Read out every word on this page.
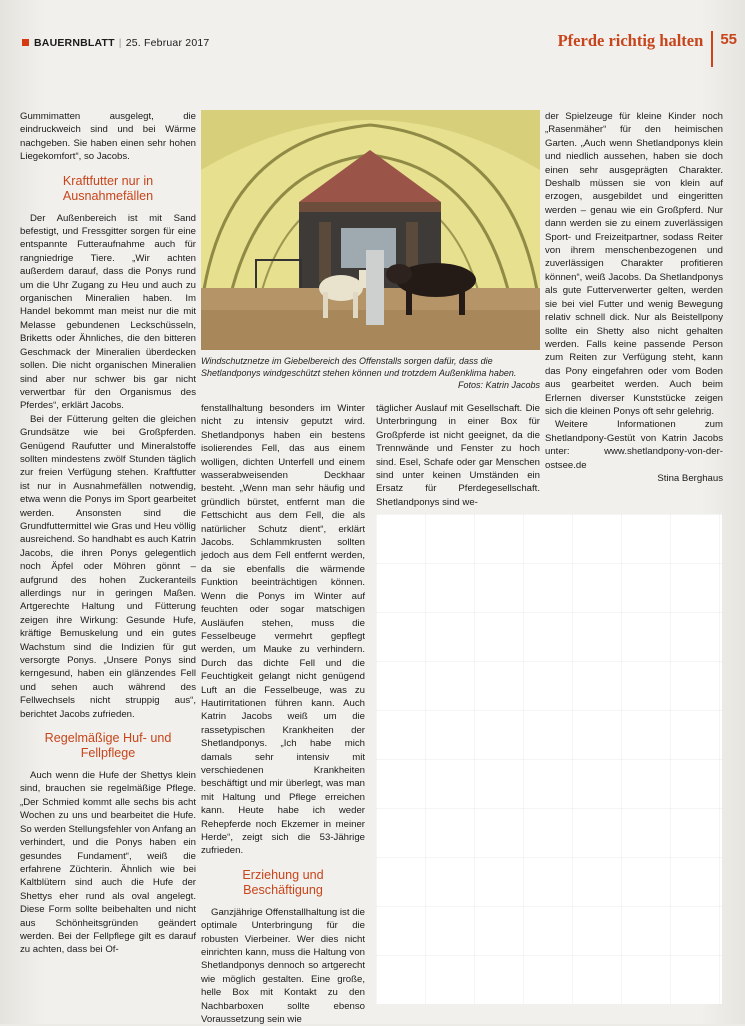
BAUERNBLATT | 25. Februar 2017	Pferde richtig halten 55

Gummimatten ausgelegt, die eindruckweich sind und bei Wärme nachgeben. Sie haben einen sehr hohen Liegekomfort“, so Jacobs.

Kraftfutter nur in Ausnahmefällen

Der Außenbereich ist mit Sand befestigt, und Fressgitter sorgen für eine entspannte Futteraufnahme auch für rangniedrige Tiere. „Wir achten außerdem darauf, dass die Ponys rund um die Uhr Zugang zu Heu und auch zu organischen Mineralien haben. Im Handel bekommt man meist nur die mit Melasse gebundenen Leckschüsseln, Briketts oder Ähnliches, die den bitteren Geschmack der Mineralien überdecken sollen. Die nicht organischen Mineralien sind aber nur schwer bis gar nicht verwertbar für den Organismus des Pferdes“, erklärt Jacobs.

Bei der Fütterung gelten die gleichen Grundsätze wie bei Großpferden. Genügend Raufutter und Mineralstoffe sollten mindestens zwölf Stunden täglich zur freien Verfügung stehen. Kraftfutter ist nur in Ausnahmefällen notwendig, etwa wenn die Ponys im Sport gearbeitet werden. Ansonsten sind die Grundfuttermittel wie Gras und Heu völlig ausreichend. So handhabt es auch Katrin Jacobs, die ihren Ponys gelegentlich noch Äpfel oder Möhren gönnt – aufgrund des hohen Zuckeranteils allerdings nur in geringen Maßen. Artgerechte Haltung und Fütterung zeigen ihre Wirkung: Gesunde Hufe, kräftige Bemuskelung und ein gutes Wachstum sind die Indizien für gut versorgte Ponys. „Unsere Ponys sind kerngesund, haben ein glänzendes Fell und sehen auch während des Fellwechsels nicht struppig aus“, berichtet Jacobs zufrieden.

Regelmäßige Huf- und Fellpflege

Auch wenn die Hufe der Shettys klein sind, brauchen sie regelmäßige Pflege. „Der Schmied kommt alle sechs bis acht Wochen zu uns und bearbeitet die Hufe. So werden Stellungsfehler von Anfang an verhindert, und die Ponys haben ein gesundes Fundament“, weiß die erfahrene Züchterin. Ähnlich wie bei Kaltblütern sind auch die Hufe der Shettys eher rund als oval angelegt. Diese Form sollte beibehalten und nicht aus Schönheitsgründen geändert werden. Bei der Fellpflege gilt es darauf zu achten, dass bei Of-

Windschutznetze im Giebelbereich des Offenstalls sorgen dafür, dass die Shetlandponys windgeschützt stehen können und trotzdem Außenklima haben.
Fotos: Katrin Jacobs

fenstallhaltung besonders im Winter nicht zu intensiv geputzt wird. Shetlandponys haben ein bestens isolierendes Fell, das aus einem wolligen, dichten Unterfell und einem wasserabweisenden Deckhaar besteht. „Wenn man sehr häufig und gründlich bürstet, entfernt man die Fettschicht aus dem Fell, die als natürlicher Schutz dient“, erklärt Jacobs. Schlammkrusten sollten jedoch aus dem Fell entfernt werden, da sie ebenfalls die wärmende Funktion beeinträchtigen können. Wenn die Ponys im Winter auf feuchten oder sogar matschigen Ausläufen stehen, muss die Fesselbeuge vermehrt gepflegt werden, um Mauke zu verhindern. Durch das dichte Fell und die Feuchtigkeit gelangt nicht genügend Luft an die Fesselbeuge, was zu Hautirritationen führen kann. Auch Katrin Jacobs weiß um die rassetypischen Krankheiten der Shetlandponys. „Ich habe mich damals sehr intensiv mit verschiedenen Krankheiten beschäftigt und mir überlegt, was man mit Haltung und Pflege erreichen kann. Heute habe ich weder Rehepferde noch Ekzemer in meiner Herde“, zeigt sich die 53-Jährige zufrieden.

Erziehung und Beschäftigung

Ganzjährige Offenstallhaltung ist die optimale Unterbringung für die robusten Vierbeiner. Wer dies nicht einrichten kann, muss die Haltung von Shetlandponys dennoch so artgerecht wie möglich gestalten. Eine große, helle Box mit Kontakt zu den Nachbarboxen sollte ebenso Voraussetzung sein wie

täglicher Auslauf mit Gesellschaft. Die Unterbringung in einer Box für Großpferde ist nicht geeignet, da die Trennwände und Fenster zu hoch sind. Esel, Schafe oder gar Menschen sind unter keinen Umständen ein Ersatz für Pferdegesellschaft. Shetlandponys sind we-

der Spielzeuge für kleine Kinder noch „Rasenmäher“ für den heimischen Garten. „Auch wenn Shetlandponys klein und niedlich aussehen, haben sie doch einen sehr ausgeprägten Charakter. Deshalb müssen sie von klein auf erzogen, ausgebildet und eingeritten werden – genau wie ein Großpferd. Nur dann werden sie zu einem zuverlässigen Sport- und Freizeitpartner, sodass Reiter von ihrem menschenbezogenen und zuverlässigen Charakter profitieren können“, weiß Jacobs. Da Shetlandponys als gute Futterverwerter gelten, werden sie bei viel Futter und wenig Bewegung relativ schnell dick. Nur als Beistellpony sollte ein Shetty also nicht gehalten werden. Falls keine passende Person zum Reiten zur Verfügung steht, kann das Pony eingefahren oder vom Boden aus gearbeitet werden. Auch beim Erlernen diverser Kunststücke zeigen sich die kleinen Ponys oft sehr gelehrig.

Weitere Informationen zum Shetlandpony-Gestüt von Katrin Jacobs unter: www.shetlandpony-von-der-ostsee.de

Stina Berghaus
